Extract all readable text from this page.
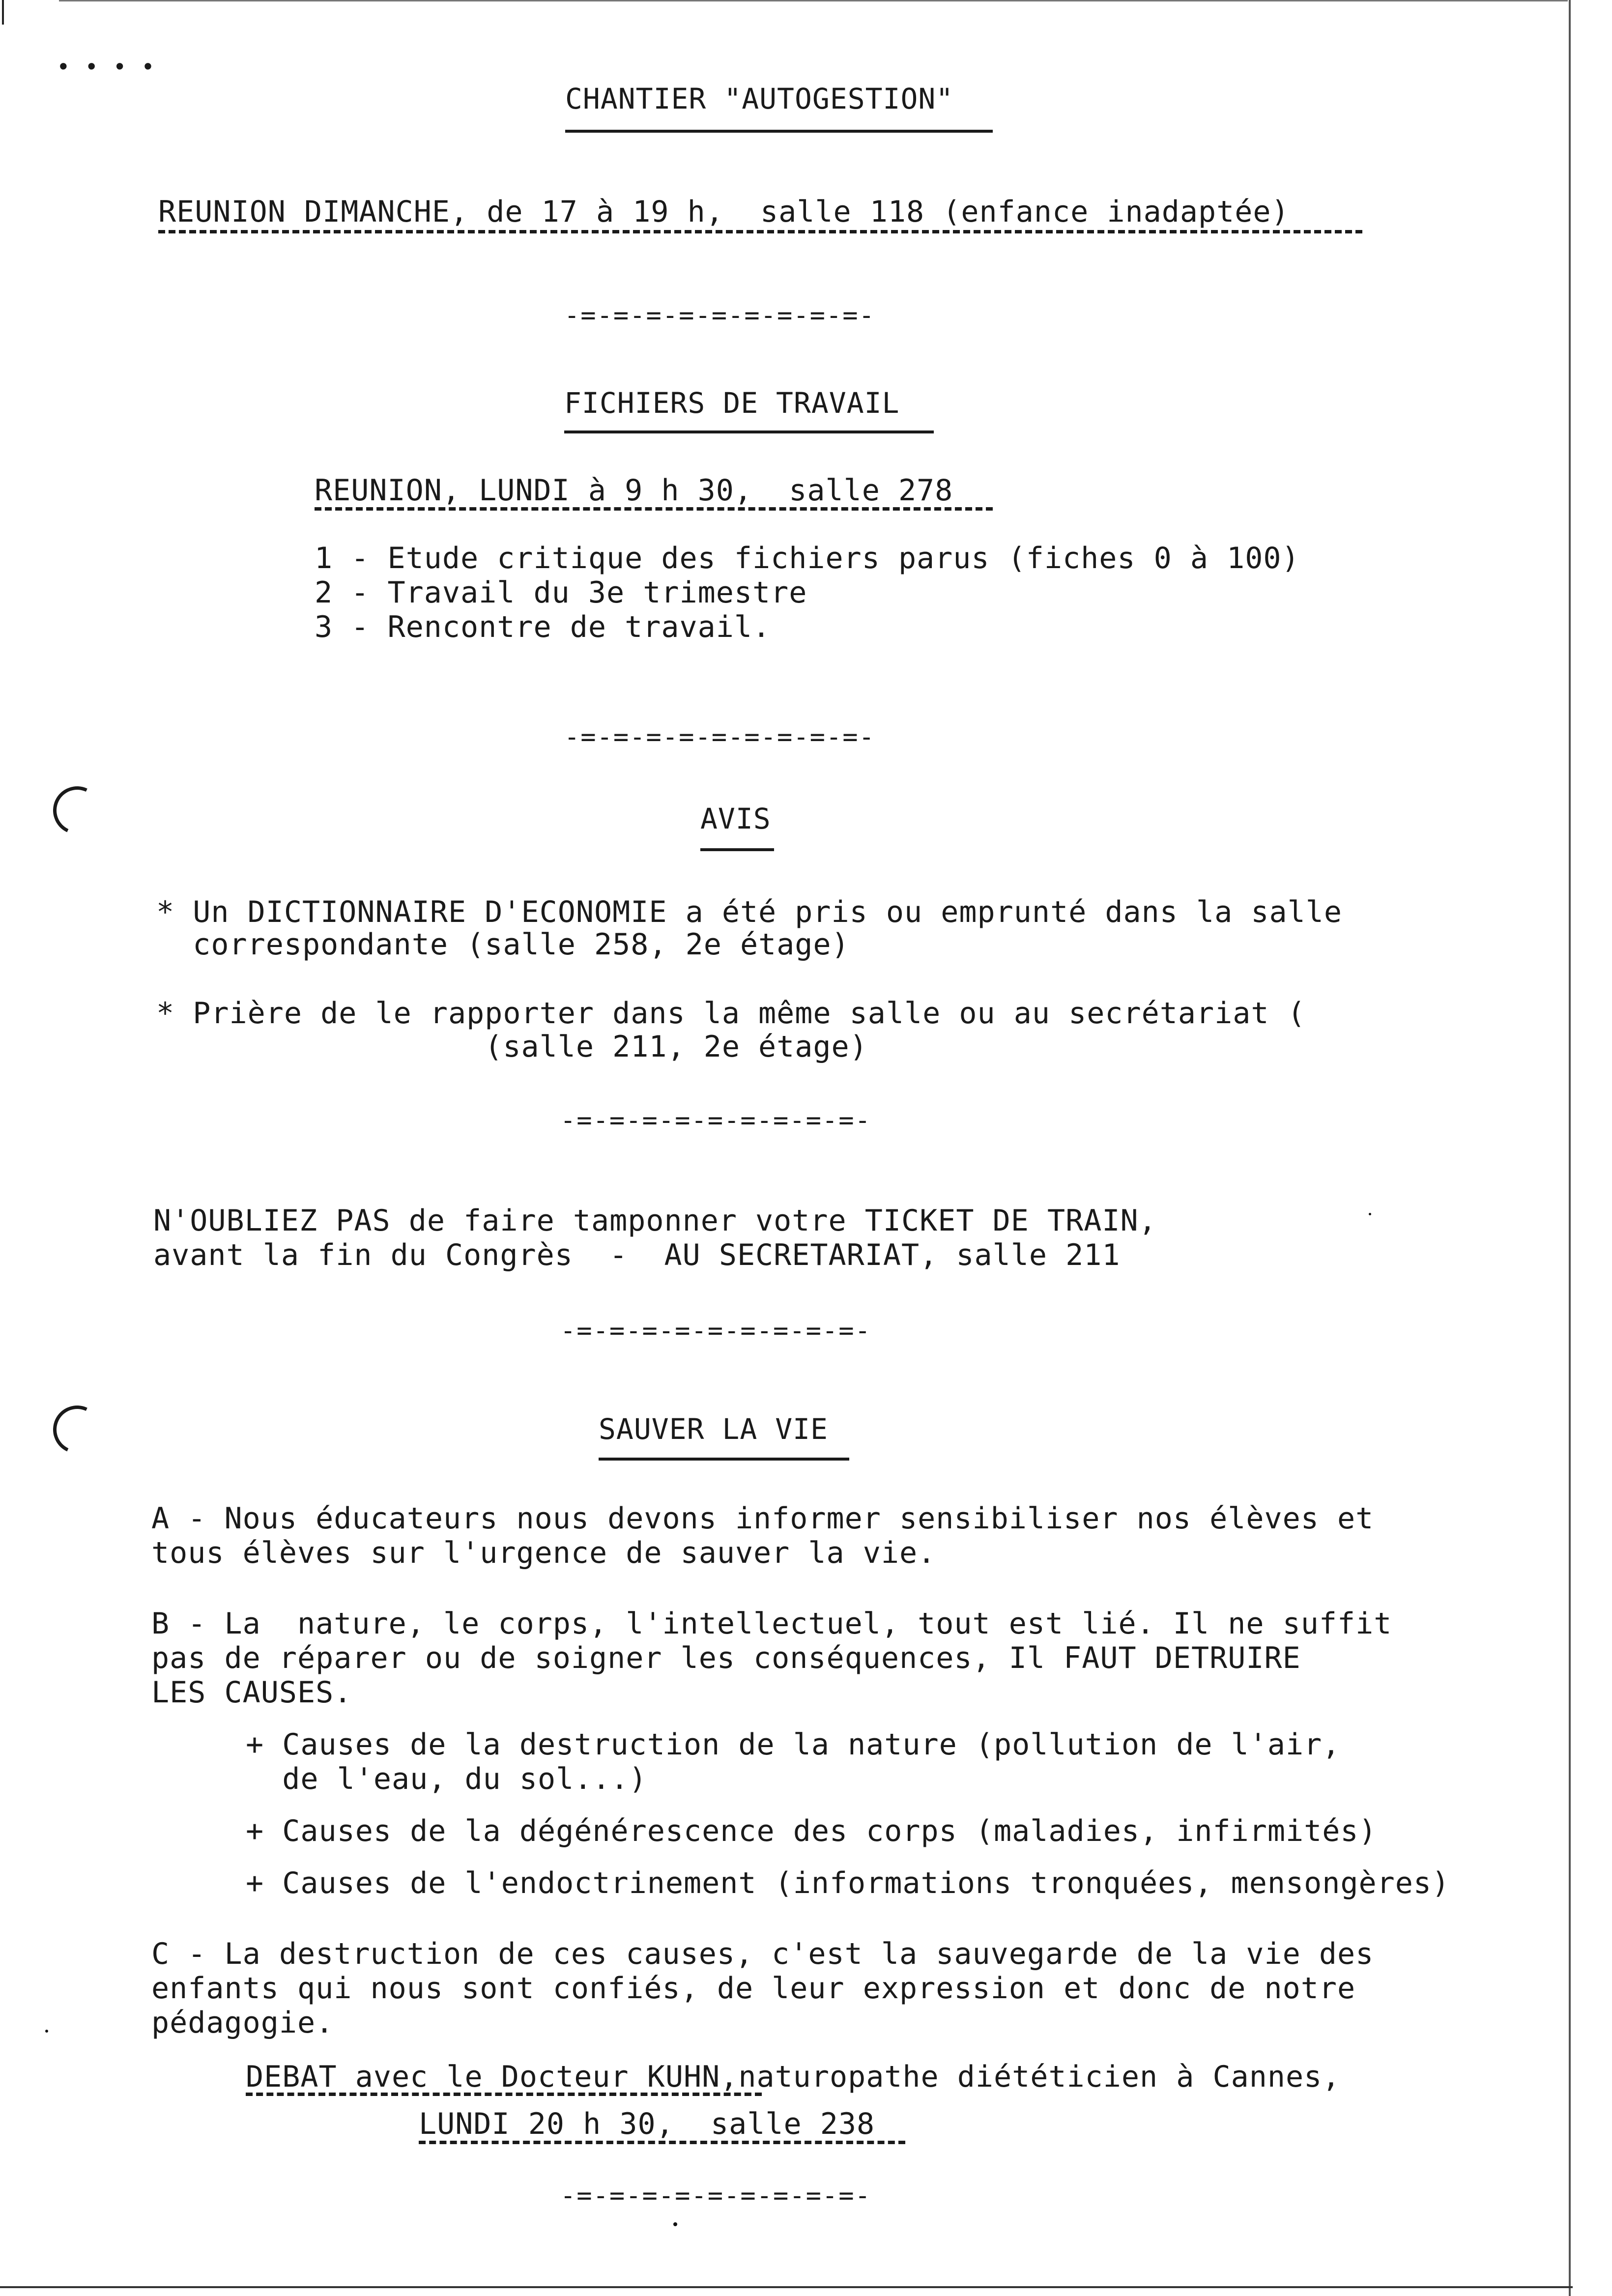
• • • •
CHANTIER "AUTOGESTION"
REUNION DIMANCHE, de 17 à 19 h,  salle 118 (enfance inadaptée)
-=-=-=-=-=-=-=-=-=-
FICHIERS DE TRAVAIL
REUNION, LUNDI à 9 h 30,  salle 278
1 - Etude critique des fichiers parus (fiches 0 à 100)
2 - Travail du 3e trimestre
3 - Rencontre de travail.
-=-=-=-=-=-=-=-=-=-
AVIS
* Un DICTIONNAIRE D'ECONOMIE a été pris ou emprunté dans la salle
correspondante (salle 258, 2e étage)
* Prière de le rapporter dans la même salle ou au secrétariat (
(salle 211, 2e étage)
-=-=-=-=-=-=-=-=-=-
N'OUBLIEZ PAS de faire tamponner votre TICKET DE TRAIN,
avant la fin du Congrès  -  AU SECRETARIAT, salle 211
-=-=-=-=-=-=-=-=-=-
SAUVER LA VIE
A - Nous éducateurs nous devons informer sensibiliser nos élèves et
tous élèves sur l'urgence de sauver la vie.
B - La  nature, le corps, l'intellectuel, tout est lié. Il ne suffit
pas de réparer ou de soigner les conséquences, Il FAUT DETRUIRE
LES CAUSES.
+ Causes de la destruction de la nature (pollution de l'air,
de l'eau, du sol...)
+ Causes de la dégénérescence des corps (maladies, infirmités)
+ Causes de l'endoctrinement (informations tronquées, mensongères)
C - La destruction de ces causes, c'est la sauvegarde de la vie des
enfants qui nous sont confiés, de leur expression et donc de notre
pédagogie.
DEBAT avec le Docteur KUHN,naturopathe diététicien à Cannes,
LUNDI 20 h 30,  salle 238
-=-=-=-=-=-=-=-=-=-
